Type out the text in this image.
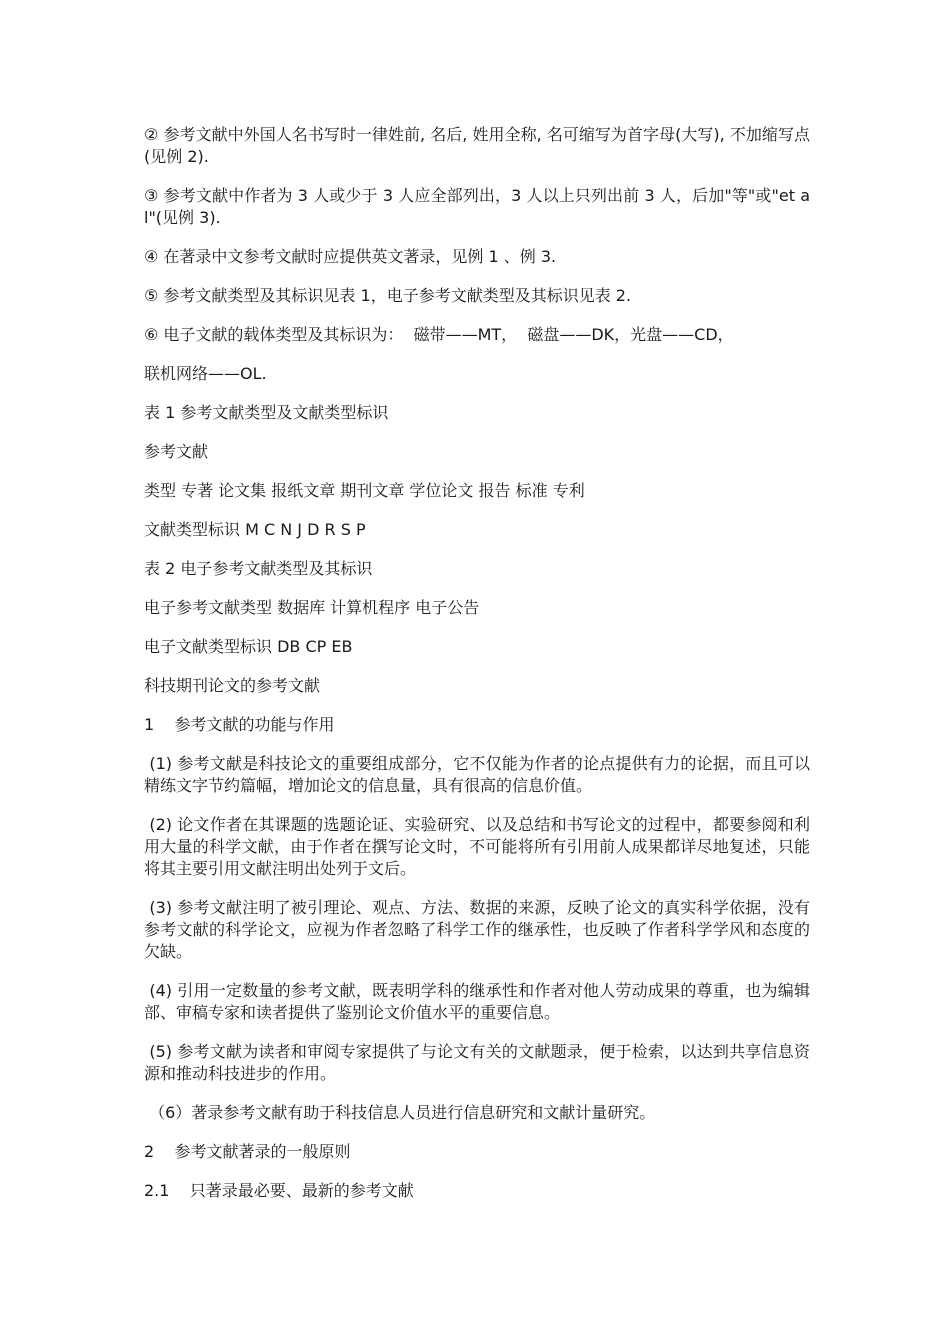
② 参考文献中外国人名书写时一律姓前, 名后, 姓用全称, 名可缩写为首字母(大写), 不加缩写点(见例 2).

③ 参考文献中作者为 3 人或少于 3 人应全部列出，3 人以上只列出前 3 人，后加"等"或"et al"(见例 3).

④ 在著录中文参考文献时应提供英文著录，见例 1 、例 3.

⑤ 参考文献类型及其标识见表 1，电子参考文献类型及其标识见表 2.

⑥ 电子文献的载体类型及其标识为：  磁带——MT，  磁盘——DK，光盘——CD，

联机网络——OL.

表 1 参考文献类型及文献类型标识

参考文献

类型 专著 论文集 报纸文章 期刊文章 学位论文 报告 标准 专利

文献类型标识 M C N J D R S P

表 2 电子参考文献类型及其标识

电子参考文献类型 数据库 计算机程序 电子公告

电子文献类型标识 DB CP EB

科技期刊论文的参考文献

1    参考文献的功能与作用

(1) 参考文献是科技论文的重要组成部分，它不仅能为作者的论点提供有力的论据，而且可以精练文字节约篇幅，增加论文的信息量，具有很高的信息价值。

(2) 论文作者在其课题的选题论证、实验研究、以及总结和书写论文的过程中，都要参阅和利用大量的科学文献，由于作者在撰写论文时，不可能将所有引用前人成果都详尽地复述，只能将其主要引用文献注明出处列于文后。

(3) 参考文献注明了被引理论、观点、方法、数据的来源，反映了论文的真实科学依据，没有参考文献的科学论文，应视为作者忽略了科学工作的继承性，也反映了作者科学学风和态度的欠缺。

(4) 引用一定数量的参考文献，既表明学科的继承性和作者对他人劳动成果的尊重，也为编辑部、审稿专家和读者提供了鉴别论文价值水平的重要信息。

(5) 参考文献为读者和审阅专家提供了与论文有关的文献题录，便于检索，以达到共享信息资源和推动科技进步的作用。

（6）著录参考文献有助于科技信息人员进行信息研究和文献计量研究。

2    参考文献著录的一般原则

2.1    只著录最必要、最新的参考文献
